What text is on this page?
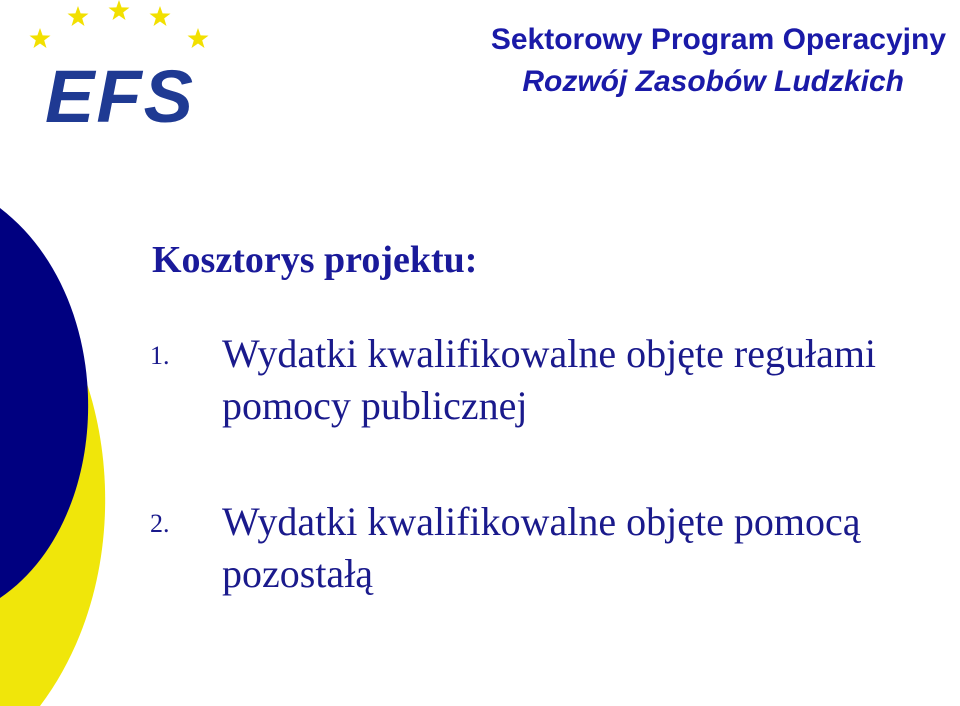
EFS
Sektorowy Program Operacyjny
Rozwój Zasobów Ludzkich
Kosztorys projektu:
1. Wydatki kwalifikowalne objęte regułami pomocy publicznej
2. Wydatki kwalifikowalne objęte pomocą pozostałą
